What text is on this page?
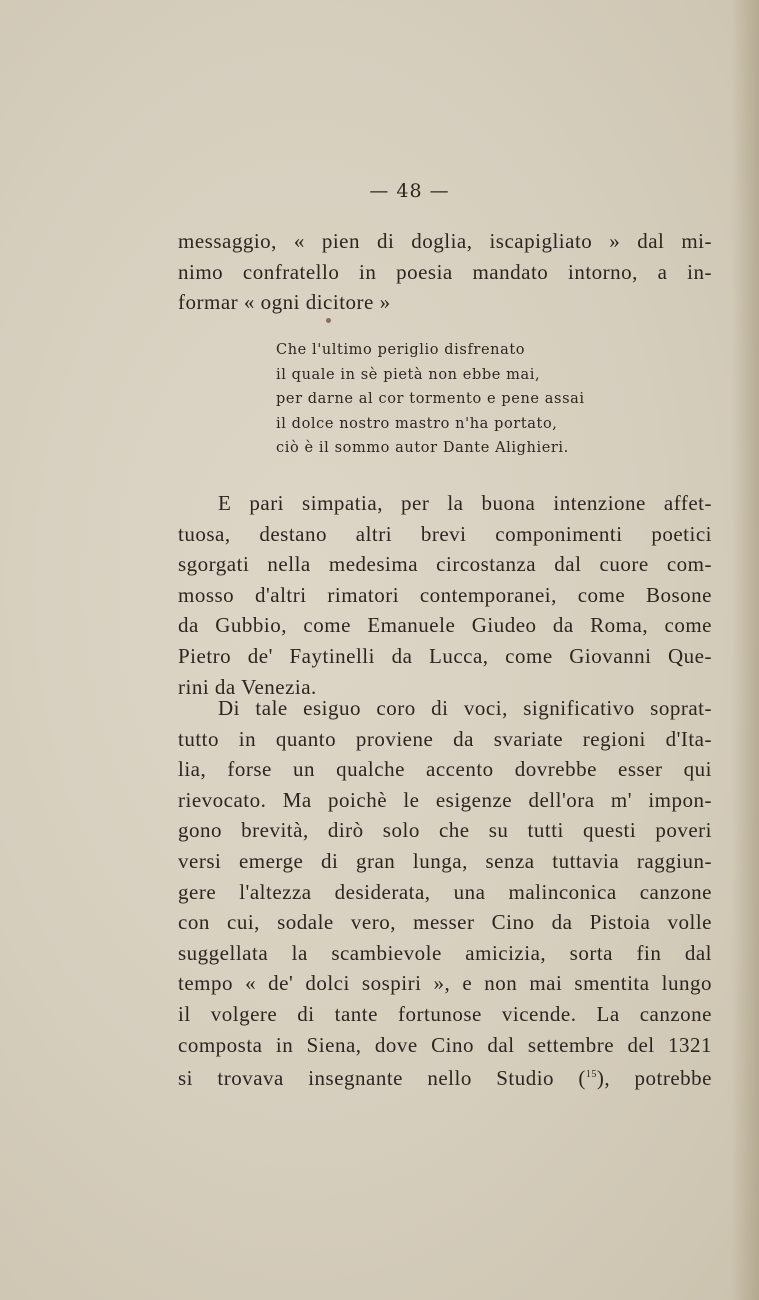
— 48 —
messaggio, « pien di doglia, iscapigliato » dal mi-
nimo confratello in poesia mandato intorno, a in-
formar « ogni dicitore »
Che l'ultimo periglio disfrenato
il quale in sè pietà non ebbe mai,
per darne al cor tormento e pene assai
il dolce nostro mastro n'ha portato,
ciò è il sommo autor Dante Alighieri.
E pari simpatia, per la buona intenzione affet-
tuosa, destano altri brevi componimenti poetici
sgorgati nella medesima circostanza dal cuore com-
mosso d'altri rimatori contemporanei, come Bosone
da Gubbio, come Emanuele Giudeo da Roma, come
Pietro de' Faytinelli da Lucca, come Giovanni Que-
rini da Venezia.
Di tale esiguo coro di voci, significativo soprat-
tutto in quanto proviene da svariate regioni d'Ita-
lia, forse un qualche accento dovrebbe esser qui
rievocato. Ma poichè le esigenze dell'ora m' impon-
gono brevità, dirò solo che su tutti questi poveri
versi emerge di gran lunga, senza tuttavia raggiun-
gere l'altezza desiderata, una malinconica canzone
con cui, sodale vero, messer Cino da Pistoia volle
suggellata la scambievole amicizia, sorta fin dal
tempo « de' dolci sospiri », e non mai smentita lungo
il volgere di tante fortunose vicende. La canzone
composta in Siena, dove Cino dal settembre del 1321
si trovava insegnante nello Studio ($^{15}$), potrebbe
